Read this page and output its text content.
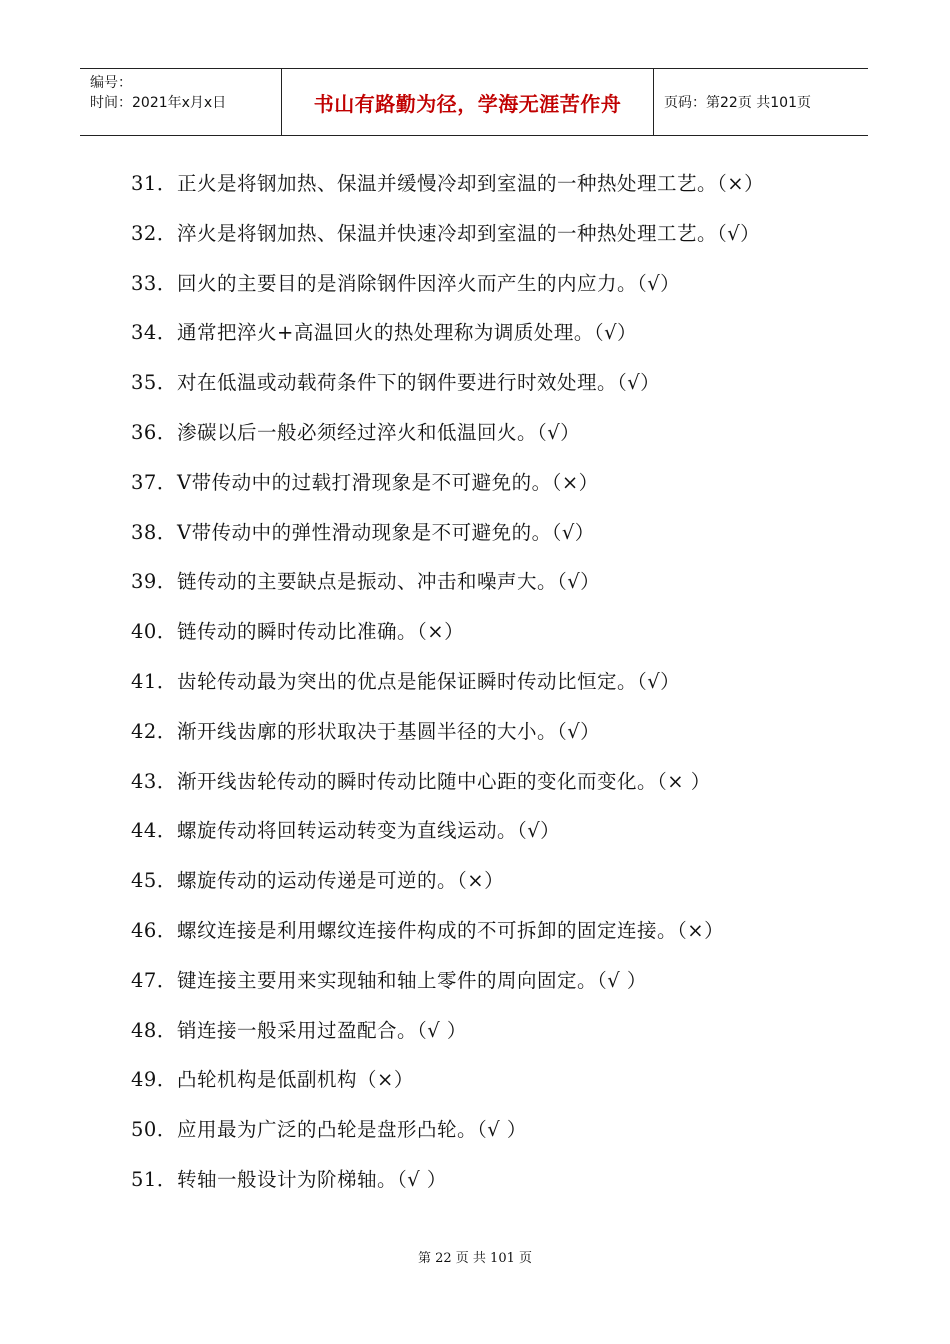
编号：
时间：2021年x月x日	书山有路勤为径，学海无涯苦作舟	页码：第22页 共101页
31．正火是将钢加热、保温并缓慢冷却到室温的一种热处理工艺。（×）
32．淬火是将钢加热、保温并快速冷却到室温的一种热处理工艺。（√）
33．回火的主要目的是消除钢件因淬火而产生的内应力。（√）
34．通常把淬火+高温回火的热处理称为调质处理。（√）
35．对在低温或动载荷条件下的钢件要进行时效处理。（√）
36．渗碳以后一般必须经过淬火和低温回火。（√）
37．V带传动中的过载打滑现象是不可避免的。（×）
38．V带传动中的弹性滑动现象是不可避免的。（√）
39．链传动的主要缺点是振动、冲击和噪声大。（√）
40．链传动的瞬时传动比准确。（×）
41．齿轮传动最为突出的优点是能保证瞬时传动比恒定。（√）
42．渐开线齿廓的形状取决于基圆半径的大小。（√）
43．渐开线齿轮传动的瞬时传动比随中心距的变化而变化。（× ）
44．螺旋传动将回转运动转变为直线运动。（√）
45．螺旋传动的运动传递是可逆的。（×）
46．螺纹连接是利用螺纹连接件构成的不可拆卸的固定连接。（×）
47．键连接主要用来实现轴和轴上零件的周向固定。（√ ）
48．销连接一般采用过盈配合。（√ ）
49．凸轮机构是低副机构（×）
50．应用最为广泛的凸轮是盘形凸轮。（√ ）
51．转轴一般设计为阶梯轴。（√ ）
第 22 页 共 101 页
